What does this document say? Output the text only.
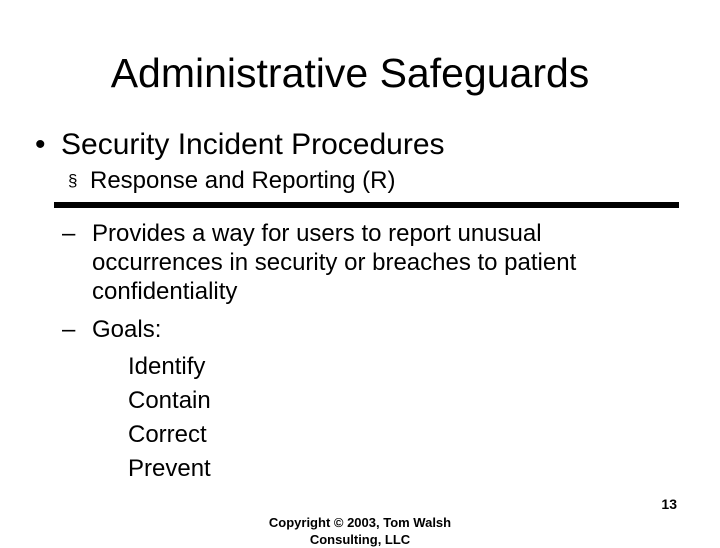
Administrative Safeguards
• Security Incident Procedures
§ Response and Reporting (R)
– Provides a way for users to report unusual occurrences in security or breaches to patient confidentiality
– Goals:
Identify
Contain
Correct
Prevent
13
Copyright © 2003, Tom Walsh Consulting, LLC
